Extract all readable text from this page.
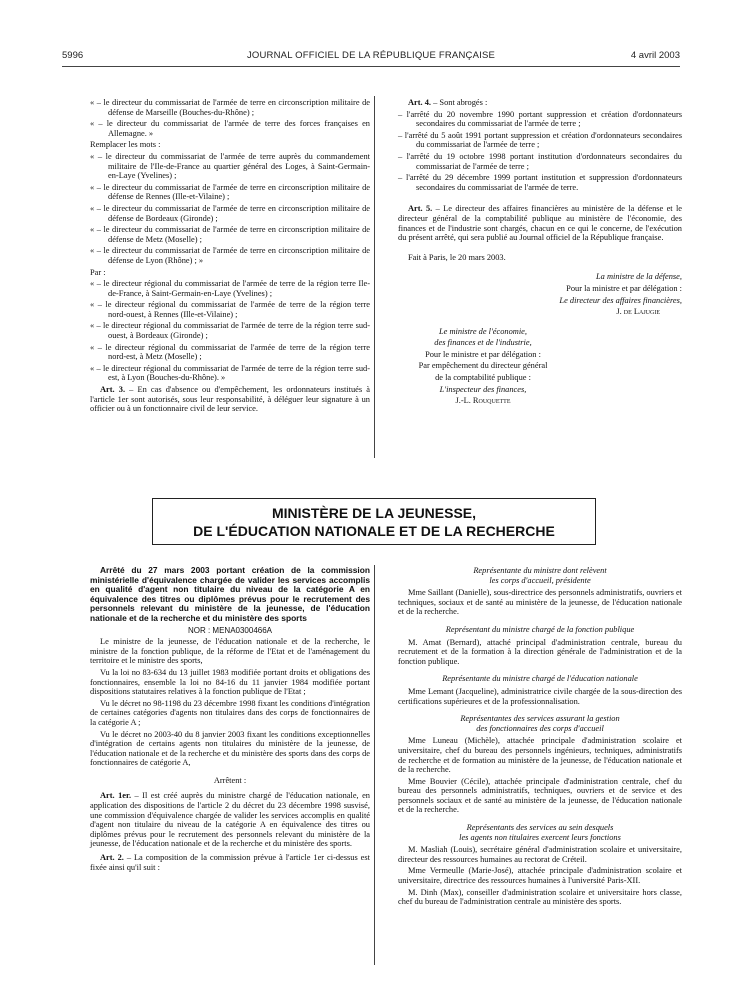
5996	JOURNAL OFFICIEL DE LA RÉPUBLIQUE FRANÇAISE	4 avril 2003

« – le directeur du commissariat de l'armée de terre en circonscription militaire de défense de Marseille (Bouches-du-Rhône) ;

« – le directeur du commissariat de l'armée de terre des forces françaises en Allemagne. »

Remplacer les mots :

« – le directeur du commissariat de l'armée de terre auprès du commandement militaire de l'Ile-de-France au quartier général des Loges, à Saint-Germain-en-Laye (Yvelines) ;

« – le directeur du commissariat de l'armée de terre en circonscription militaire de défense de Rennes (Ille-et-Vilaine) ;

« – le directeur du commissariat de l'armée de terre en circonscription militaire de défense de Bordeaux (Gironde) ;

« – le directeur du commissariat de l'armée de terre en circonscription militaire de défense de Metz (Moselle) ;

« – le directeur du commissariat de l'armée de terre en circonscription militaire de défense de Lyon (Rhône) ; »

Par :

« – le directeur régional du commissariat de l'armée de terre de la région terre Ile-de-France, à Saint-Germain-en-Laye (Yvelines) ;

« – le directeur régional du commissariat de l'armée de terre de la région terre nord-ouest, à Rennes (Ille-et-Vilaine) ;

« – le directeur régional du commissariat de l'armée de terre de la région terre sud-ouest, à Bordeaux (Gironde) ;

« – le directeur régional du commissariat de l'armée de terre de la région terre nord-est, à Metz (Moselle) ;

« – le directeur régional du commissariat de l'armée de terre de la région terre sud-est, à Lyon (Bouches-du-Rhône). »

Art. 3. – En cas d'absence ou d'empêchement, les ordonnateurs institués à l'article 1er sont autorisés, sous leur responsabilité, à déléguer leur signature à un officier ou à un fonctionnaire civil de leur service.

Art. 4. – Sont abrogés :

– l'arrêté du 20 novembre 1990 portant suppression et création d'ordonnateurs secondaires du commissariat de l'armée de terre ;

– l'arrêté du 5 août 1991 portant suppression et création d'ordonnateurs secondaires du commissariat de l'armée de terre ;

– l'arrêté du 19 octobre 1998 portant institution d'ordonnateurs secondaires du commissariat de l'armée de terre ;

– l'arrêté du 29 décembre 1999 portant institution et suppression d'ordonnateurs secondaires du commissariat de l'armée de terre.

Art. 5. – Le directeur des affaires financières au ministère de la défense et le directeur général de la comptabilité publique au ministère de l'économie, des finances et de l'industrie sont chargés, chacun en ce qui le concerne, de l'exécution du présent arrêté, qui sera publié au Journal officiel de la République française.

Fait à Paris, le 20 mars 2003.

La ministre de la défense,

Pour la ministre et par délégation :

Le directeur des affaires financières,

J. de Lajugie

Le ministre de l'économie,

des finances et de l'industrie,

Pour le ministre et par délégation :

Par empêchement du directeur général

de la comptabilité publique :

L'inspecteur des finances,

J.-L. Rouquette

MINISTÈRE DE LA JEUNESSE,
DE L'ÉDUCATION NATIONALE ET DE LA RECHERCHE

Arrêté du 27 mars 2003 portant création de la commission ministérielle d'équivalence chargée de valider les services accomplis en qualité d'agent non titulaire du niveau de la catégorie A en équivalence des titres ou diplômes prévus pour le recrutement des personnels relevant du ministère de la jeunesse, de l'éducation nationale et de la recherche et du ministère des sports

NOR : MENA0300466A

Le ministre de la jeunesse, de l'éducation nationale et de la recherche, le ministre de la fonction publique, de la réforme de l'Etat et de l'aménagement du territoire et le ministre des sports,

Vu la loi no 83-634 du 13 juillet 1983 modifiée portant droits et obligations des fonctionnaires, ensemble la loi no 84-16 du 11 janvier 1984 modifiée portant dispositions statutaires relatives à la fonction publique de l'Etat ;

Vu le décret no 98-1198 du 23 décembre 1998 fixant les conditions d'intégration de certaines catégories d'agents non titulaires dans des corps de fonctionnaires de la catégorie A ;

Vu le décret no 2003-40 du 8 janvier 2003 fixant les conditions exceptionnelles d'intégration de certains agents non titulaires du ministère de la jeunesse, de l'éducation nationale et de la recherche et du ministère des sports dans des corps de fonctionnaires de catégorie A,

Arrêtent :

Art. 1er. – Il est créé auprès du ministre chargé de l'éducation nationale, en application des dispositions de l'article 2 du décret du 23 décembre 1998 susvisé, une commission d'équivalence chargée de valider les services accomplis en qualité d'agent non titulaire du niveau de la catégorie A en équivalence des titres ou diplômes prévus pour le recrutement des personnels relevant du ministère de la jeunesse, de l'éducation nationale et de la recherche et du ministère des sports.

Art. 2. – La composition de la commission prévue à l'article 1er ci-dessus est fixée ainsi qu'il suit :

Représentante du ministre dont relèvent

les corps d'accueil, présidente

Mme Saillant (Danielle), sous-directrice des personnels administratifs, ouvriers et techniques, sociaux et de santé au ministère de la jeunesse, de l'éducation nationale et de la recherche.

Représentant du ministre chargé de la fonction publique

M. Amat (Bernard), attaché principal d'administration centrale, bureau du recrutement et de la formation à la direction générale de l'administration et de la fonction publique.

Représentante du ministre chargé de l'éducation nationale

Mme Lemant (Jacqueline), administratrice civile chargée de la sous-direction des certifications supérieures et de la professionnalisation.

Représentantes des services assurant la gestion

des fonctionnaires des corps d'accueil

Mme Luneau (Michèle), attachée principale d'administration scolaire et universitaire, chef du bureau des personnels ingénieurs, techniques, administratifs de recherche et de formation au ministère de la jeunesse, de l'éducation nationale et de la recherche.

Mme Bouvier (Cécile), attachée principale d'administration centrale, chef du bureau des personnels administratifs, techniques, ouvriers et de service et des personnels sociaux et de santé au ministère de la jeunesse, de l'éducation nationale et de la recherche.

Représentants des services au sein desquels

les agents non titulaires exercent leurs fonctions

M. Masliah (Louis), secrétaire général d'administration scolaire et universitaire, directeur des ressources humaines au rectorat de Créteil.

Mme Vermeulle (Marie-José), attachée principale d'administration scolaire et universitaire, directrice des ressources humaines à l'université Paris-XII.

M. Dinh (Max), conseiller d'administration scolaire et universitaire hors classe, chef du bureau de l'administration centrale au ministère des sports.
